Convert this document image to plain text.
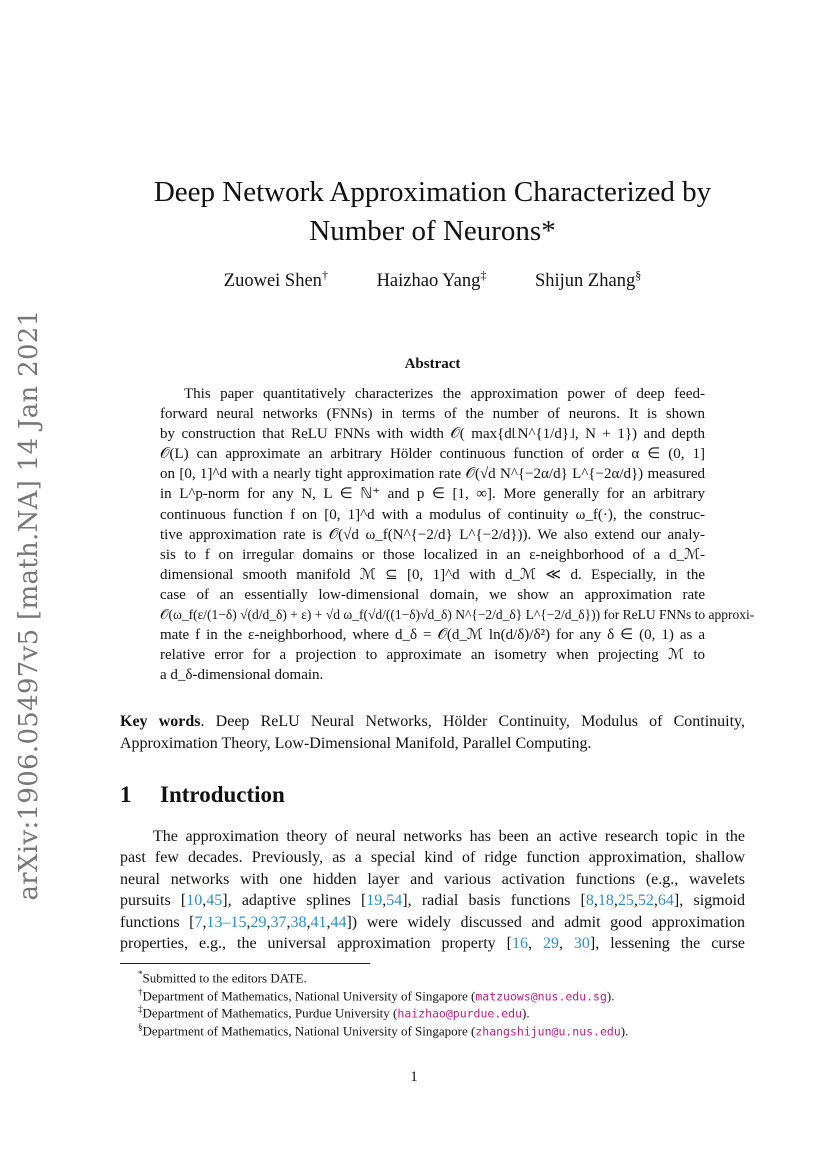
arXiv:1906.05497v5 [math.NA] 14 Jan 2021
Deep Network Approximation Characterized by
Number of Neurons*
Zuowei Shen†	Haizhao Yang‡	Shijun Zhang§
Abstract
This paper quantitatively characterizes the approximation power of deep feed-
forward neural networks (FNNs) in terms of the number of neurons. It is shown
by construction that ReLU FNNs with width 𝒪( max{d⌊N^{1/d}⌋, N + 1}) and depth
𝒪(L) can approximate an arbitrary Hölder continuous function of order α ∈ (0, 1]
on [0, 1]^d with a nearly tight approximation rate 𝒪(√d N^{−2α/d} L^{−2α/d}) measured
in L^p-norm for any N, L ∈ ℕ⁺ and p ∈ [1, ∞]. More generally for an arbitrary
continuous function f on [0, 1]^d with a modulus of continuity ω_f(·), the construc-
tive approximation rate is 𝒪(√d ω_f(N^{−2/d} L^{−2/d})). We also extend our analy-
sis to f on irregular domains or those localized in an ε-neighborhood of a d_ℳ-
dimensional smooth manifold ℳ ⊆ [0, 1]^d with d_ℳ ≪ d. Especially, in the
case of an essentially low-dimensional domain, we show an approximation rate
𝒪(ω_f(ε/(1−δ) √(d/d_δ) + ε) + √d ω_f(√d/((1−δ)√d_δ) N^{−2/d_δ} L^{−2/d_δ})) for ReLU FNNs to approxi-
mate f in the ε-neighborhood, where d_δ = 𝒪(d_ℳ ln(d/δ)/δ²) for any δ ∈ (0, 1) as a
relative error for a projection to approximate an isometry when projecting ℳ to
a d_δ-dimensional domain.
Key words. Deep ReLU Neural Networks, Hölder Continuity, Modulus of Continuity,
Approximation Theory, Low-Dimensional Manifold, Parallel Computing.
1 Introduction
The approximation theory of neural networks has been an active research topic in the
past few decades. Previously, as a special kind of ridge function approximation, shallow
neural networks with one hidden layer and various activation functions (e.g., wavelets
pursuits [10,45], adaptive splines [19,54], radial basis functions [8,18,25,52,64], sigmoid
functions [7,13–15,29,37,38,41,44]) were widely discussed and admit good approximation
properties, e.g., the universal approximation property [16, 29, 30], lessening the curse
*Submitted to the editors DATE.
†Department of Mathematics, National University of Singapore (matzuows@nus.edu.sg).
‡Department of Mathematics, Purdue University (haizhao@purdue.edu).
§Department of Mathematics, National University of Singapore (zhangshijun@u.nus.edu).
1
